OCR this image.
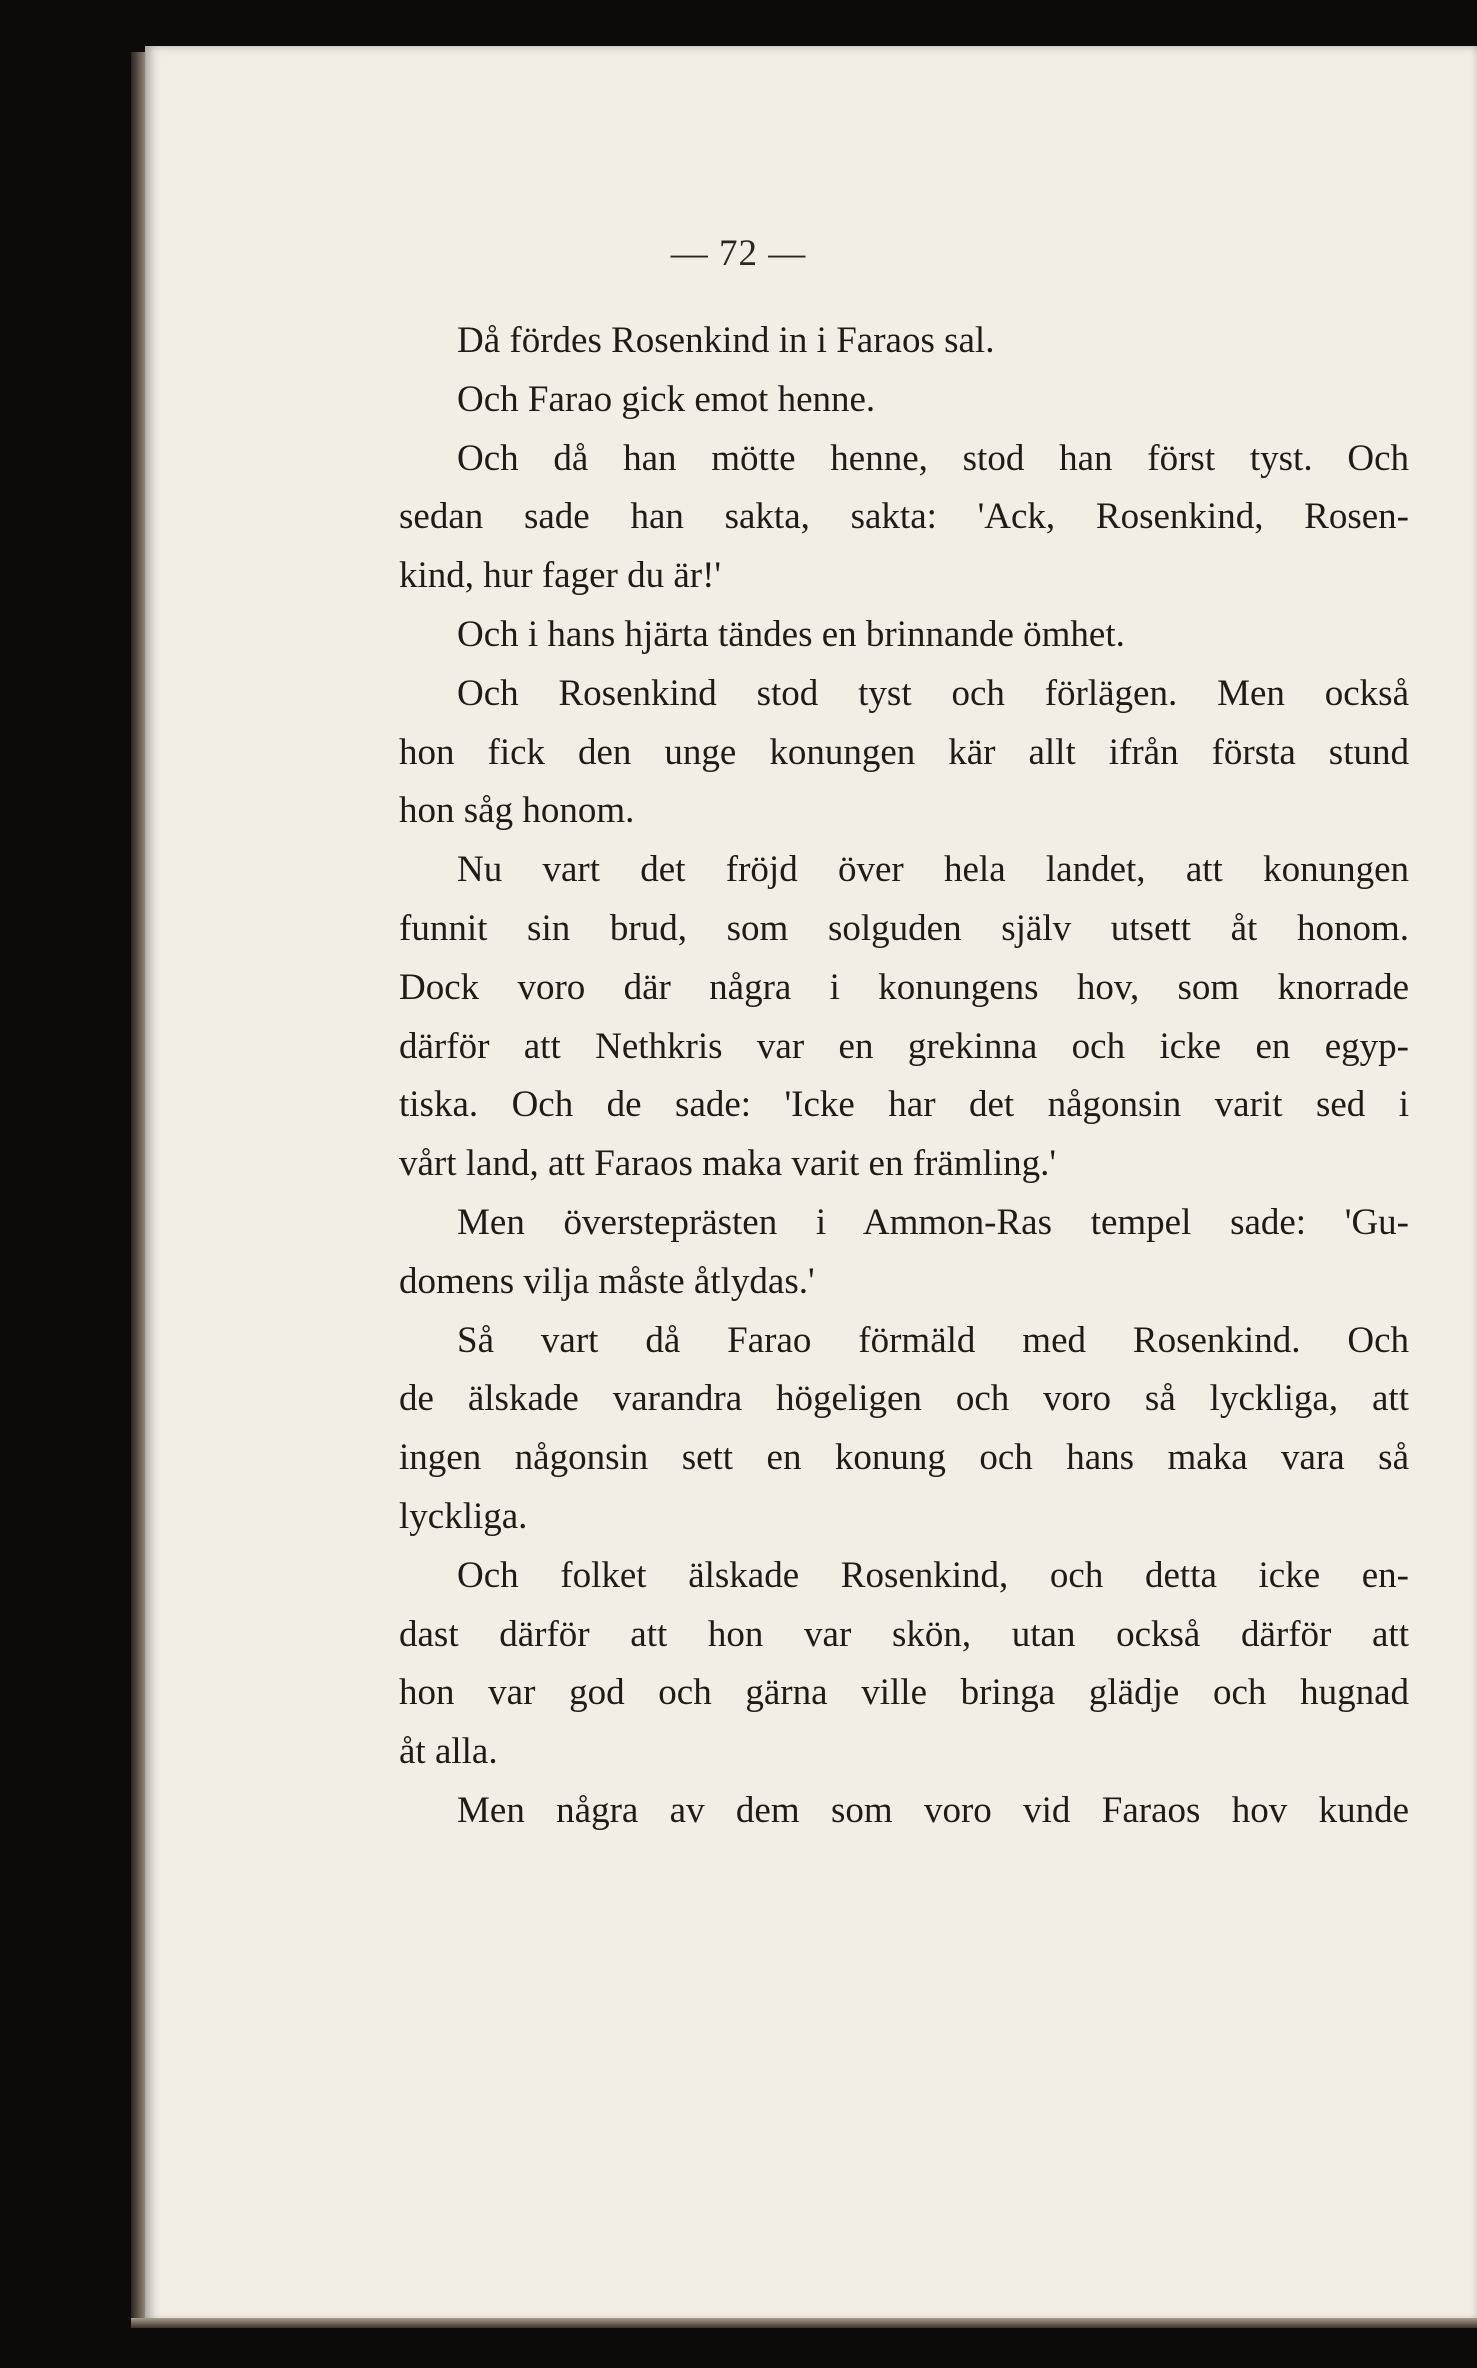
— 72 —
Då fördes Rosenkind in i Faraos sal.
Och Farao gick emot henne.
Och då han mötte henne, stod han först tyst. Och
sedan sade han sakta, sakta: 'Ack, Rosenkind, Rosen-
kind, hur fager du är!'
Och i hans hjärta tändes en brinnande ömhet.
Och Rosenkind stod tyst och förlägen. Men också
hon fick den unge konungen kär allt ifrån första stund
hon såg honom.
Nu vart det fröjd över hela landet, att konungen
funnit sin brud, som solguden själv utsett åt honom.
Dock voro där några i konungens hov, som knorrade
därför att Nethkris var en grekinna och icke en egyp-
tiska. Och de sade: 'Icke har det någonsin varit sed i
vårt land, att Faraos maka varit en främling.'
Men översteprästen i Ammon-Ras tempel sade: 'Gu-
domens vilja måste åtlydas.'
Så vart då Farao förmäld med Rosenkind. Och
de älskade varandra högeligen och voro så lyckliga, att
ingen någonsin sett en konung och hans maka vara så
lyckliga.
Och folket älskade Rosenkind, och detta icke en-
dast därför att hon var skön, utan också därför att
hon var god och gärna ville bringa glädje och hugnad
åt alla.
Men några av dem som voro vid Faraos hov kunde
